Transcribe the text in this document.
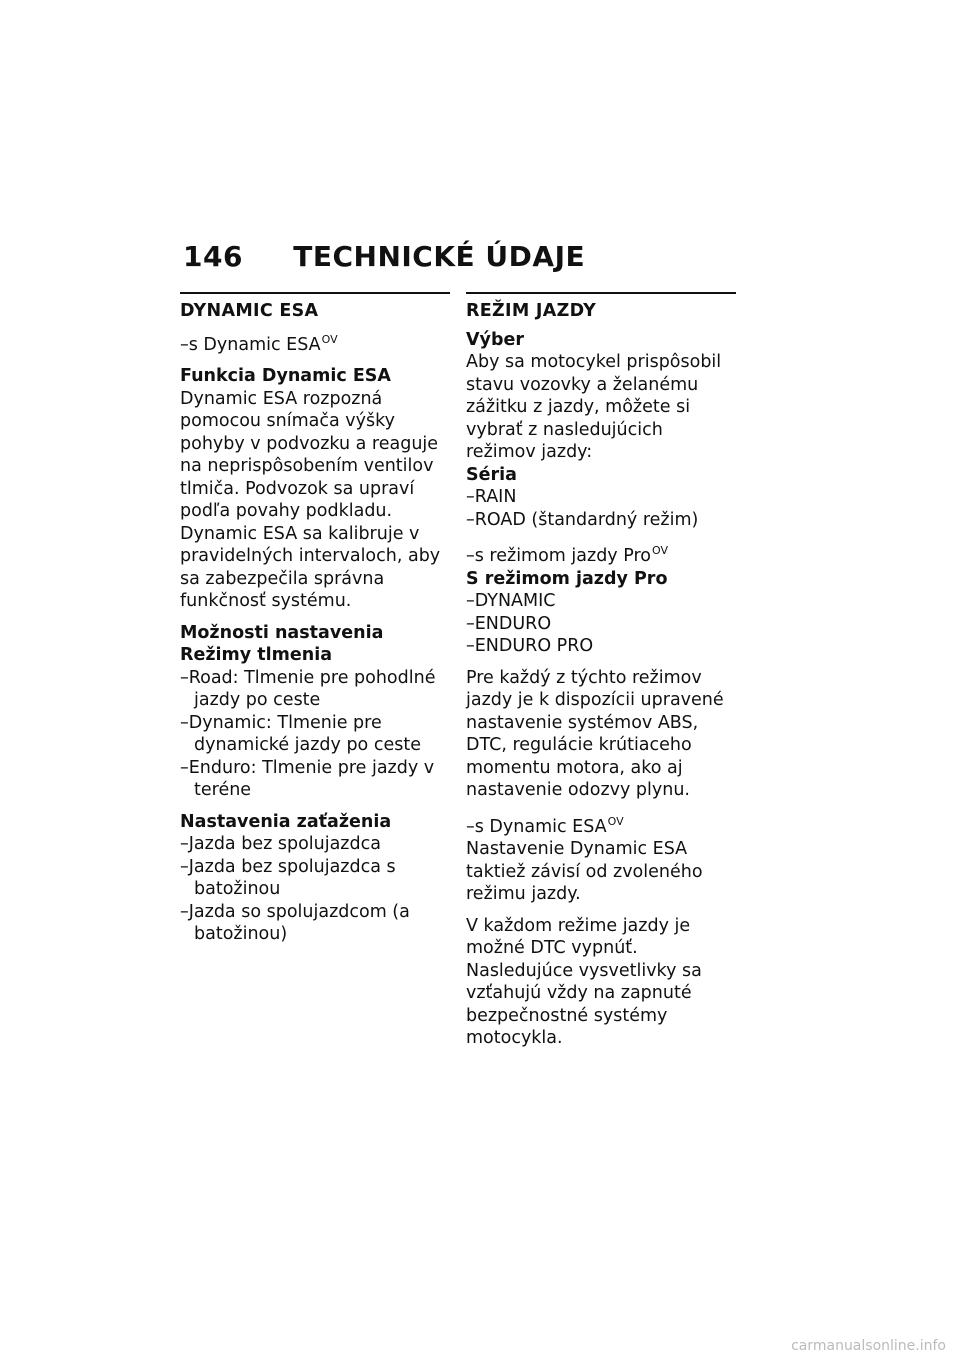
146 TECHNICKÉ ÚDAJE
DYNAMIC ESA

–s Dynamic $ESA^{OV}$

Funkcia Dynamic ESA

Dynamic ESA rozpozná pomocou snímača výšky pohyby v podvozku a reaguje na neprispôsobením ventilov tlmiča. Podvozok sa upraví podľa povahy podkladu.

Dynamic ESA sa kalibruje v pravidelných intervaloch, aby sa zabezpečila správna funkčnosť systému.

Možnosti nastavenia
Režimy tlmenia

–Road: Tlmenie pre pohodlné jazdy po ceste

–Dynamic: Tlmenie pre dynamické jazdy po ceste

–Enduro: Tlmenie pre jazdy v teréne

Nastavenia zaťaženia

–Jazda bez spolujazdca

–Jazda bez spolujazdca s batožinou

–Jazda so spolujazdcom (a batožinou)

REŽIM JAZDY
Výber

Aby sa motocykel prispôsobil stavu vozovky a želanému zážitku z jazdy, môžete si vybrať z nasledujúcich režimov jazdy:

Séria

–RAIN

–ROAD (štandardný režim)

–s režimom jazdy Pro$^{OV}$

S režimom jazdy Pro

–DYNAMIC

–ENDURO

–ENDURO PRO

Pre každý z týchto režimov jazdy je k dispozícii upravené nastavenie systémov ABS, DTC, regulácie krútiaceho momentu motora, ako aj nastavenie odozvy plynu.

–s Dynamic $ESA^{OV}$

Nastavenie Dynamic ESA taktiež závisí od zvoleného režimu jazdy.

V každom režime jazdy je možné DTC vypnúť. Nasledujúce vysvetlivky sa vzťahujú vždy na zapnuté bezpečnostné systémy motocykla.

carmanualsonline.info
